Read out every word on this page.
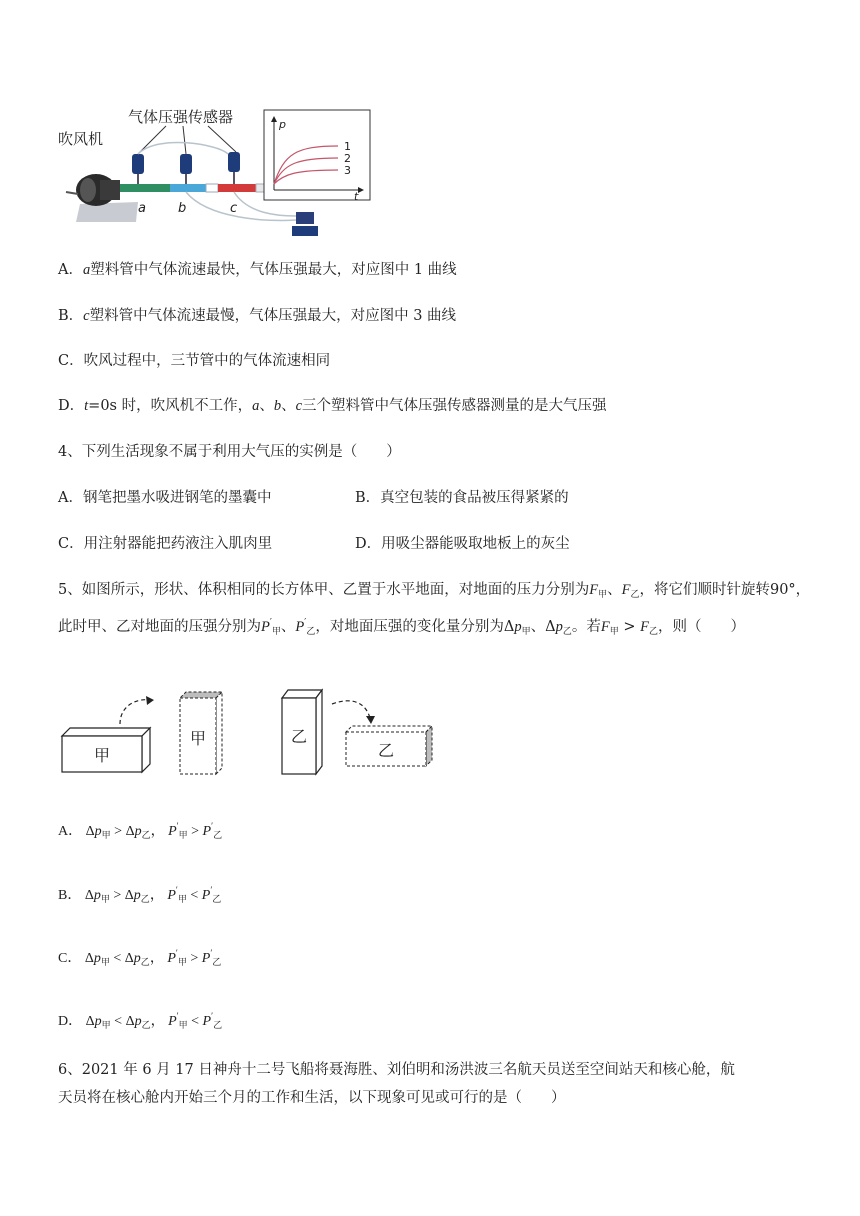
吹风机
气体压强传感器
a b	c
p
t
1
2
3
A．a塑料管中气体流速最快，气体压强最大，对应图中 1 曲线
B．c塑料管中气体流速最慢，气体压强最大，对应图中 3 曲线
C．吹风过程中，三节管中的气体流速相同
D．t=0s 时，吹风机不工作，a、b、c三个塑料管中气体压强传感器测量的是大气压强
4、下列生活现象不属于利用大气压的实例是（　　）
A．钢笔把墨水吸进钢笔的墨囊中	B．真空包装的食品被压得紧紧的
C．用注射器能把药液注入肌肉里	D．用吸尘器能吸取地板上的灰尘
5、如图所示，形状、体积相同的长方体甲、乙置于水平地面，对地面的压力分别为$F_甲$、$F_乙$，将它们顺时针旋转90°，此时甲、乙对地面的压强分别为$P'_甲$、$P'_乙$，对地面压强的变化量分别为$\Delta p_甲$、$\Delta p_乙$。若$F_甲 > F_乙$，则（　　）
甲
甲	乙
乙
A． $\Delta p_甲 > \Delta p_乙$， $P'_甲 > P'_乙$
B． $\Delta p_甲 > \Delta p_乙$， $P'_甲 < P'_乙$
C． $\Delta p_甲 < \Delta p_乙$， $P'_甲 > P'_乙$
D． $\Delta p_甲 < \Delta p_乙$， $P'_甲 < P'_乙$
6、2021 年 6 月 17 日神舟十二号飞船将聂海胜、刘伯明和汤洪波三名航天员送至空间站天和核心舱，航
天员将在核心舱内开始三个月的工作和生活，以下现象可见或可行的是（　　）
